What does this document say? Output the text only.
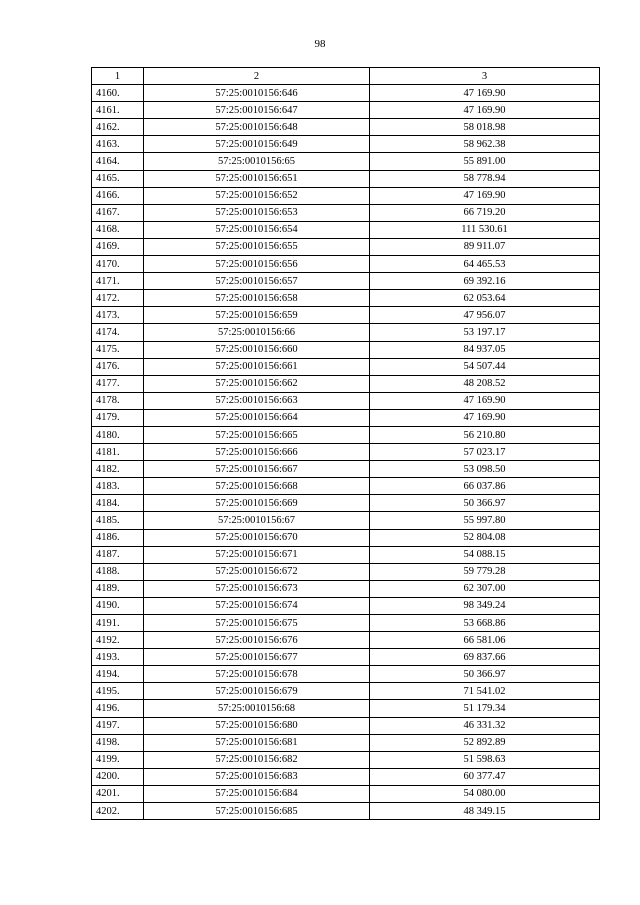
98
1	2	3
4160.	57:25:0010156:646	47 169.90
4161.	57:25:0010156:647	47 169.90
4162.	57:25:0010156:648	58 018.98
4163.	57:25:0010156:649	58 962.38
4164.	57:25:0010156:65	55 891.00
4165.	57:25:0010156:651	58 778.94
4166.	57:25:0010156:652	47 169.90
4167.	57:25:0010156:653	66 719.20
4168.	57:25:0010156:654	111 530.61
4169.	57:25:0010156:655	89 911.07
4170.	57:25:0010156:656	64 465.53
4171.	57:25:0010156:657	69 392.16
4172.	57:25:0010156:658	62 053.64
4173.	57:25:0010156:659	47 956.07
4174.	57:25:0010156:66	53 197.17
4175.	57:25:0010156:660	84 937.05
4176.	57:25:0010156:661	54 507.44
4177.	57:25:0010156:662	48 208.52
4178.	57:25:0010156:663	47 169.90
4179.	57:25:0010156:664	47 169.90
4180.	57:25:0010156:665	56 210.80
4181.	57:25:0010156:666	57 023.17
4182.	57:25:0010156:667	53 098.50
4183.	57:25:0010156:668	66 037.86
4184.	57:25:0010156:669	50 366.97
4185.	57:25:0010156:67	55 997.80
4186.	57:25:0010156:670	52 804.08
4187.	57:25:0010156:671	54 088.15
4188.	57:25:0010156:672	59 779.28
4189.	57:25:0010156:673	62 307.00
4190.	57:25:0010156:674	98 349.24
4191.	57:25:0010156:675	53 668.86
4192.	57:25:0010156:676	66 581.06
4193.	57:25:0010156:677	69 837.66
4194.	57:25:0010156:678	50 366.97
4195.	57:25:0010156:679	71 541.02
4196.	57:25:0010156:68	51 179.34
4197.	57:25:0010156:680	46 331.32
4198.	57:25:0010156:681	52 892.89
4199.	57:25:0010156:682	51 598.63
4200.	57:25:0010156:683	60 377.47
4201.	57:25:0010156:684	54 080.00
4202.	57:25:0010156:685	48 349.15
